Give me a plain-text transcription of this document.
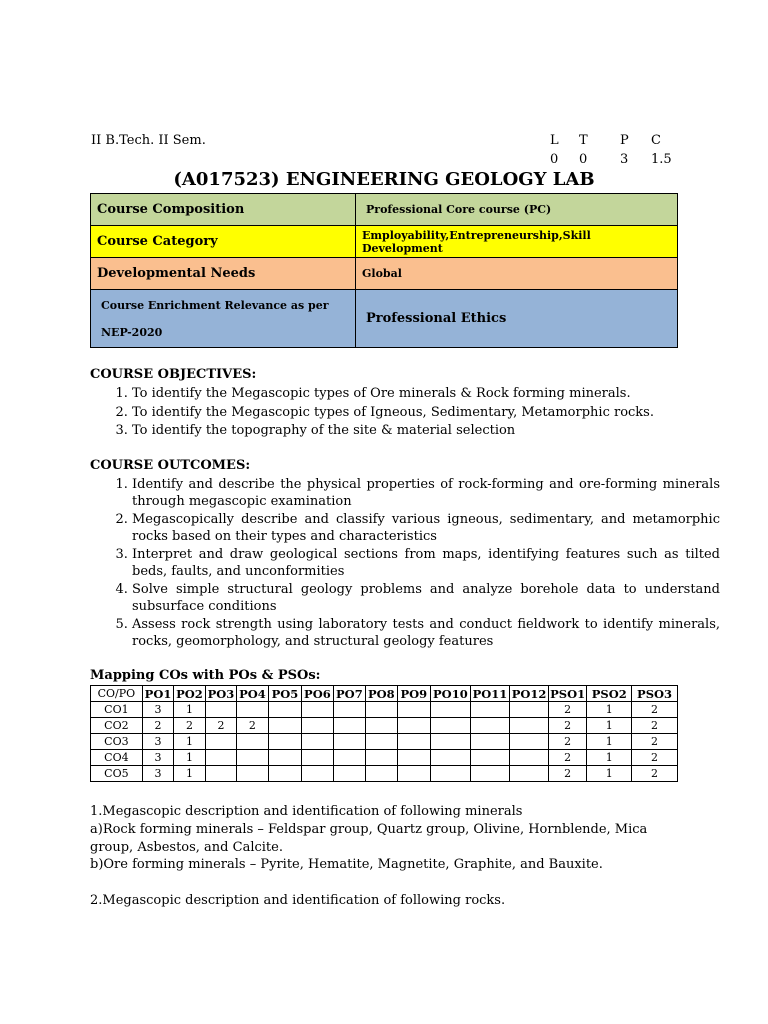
II B.Tech. II Sem.	L	T	P	C
0	0	3	1.5
(A017523) ENGINEERING GEOLOGY LAB
Course Composition	Professional Core course (PC)
Course Category	Employability,Entrepreneurship,Skill Development
Developmental Needs	Global

Course Enrichment Relevance as per NEP-2020	Professional Ethics
COURSE OBJECTIVES:
1. To identify the Megascopic types of Ore minerals & Rock forming minerals.
2. To identify the Megascopic types of Igneous, Sedimentary, Metamorphic rocks.
3. To identify the topography of the site & material selection
COURSE OUTCOMES:
1. Identify and describe the physical properties of rock-forming and ore-forming minerals through megascopic examination
2. Megascopically describe and classify various igneous, sedimentary, and metamorphic rocks based on their types and characteristics
3. Interpret and draw geological sections from maps, identifying features such as tilted beds, faults, and unconformities
4. Solve simple structural geology problems and analyze borehole data to understand subsurface conditions
5. Assess rock strength using laboratory tests and conduct fieldwork to identify minerals, rocks, geomorphology, and structural geology features
Mapping COs with POs & PSOs:
CO/PO	PO1	PO2	PO3	PO4	PO5	PO6	PO7	PO8	PO9	PO10	PO11	PO12	PSO1	PSO2	PSO3
CO1	3	1											2	1	2
CO2	2	2	2	2									2	1	2
CO3	3	1											2	1	2
CO4	3	1											2	1	2
CO5	3	1											2	1	2
1.Megascopic description and identification of following minerals
a)Rock forming minerals – Feldspar group, Quartz group, Olivine, Hornblende, Mica group, Asbestos, and Calcite.
b)Ore forming minerals – Pyrite, Hematite, Magnetite, Graphite, and Bauxite.
2.Megascopic description and identification of following rocks.
